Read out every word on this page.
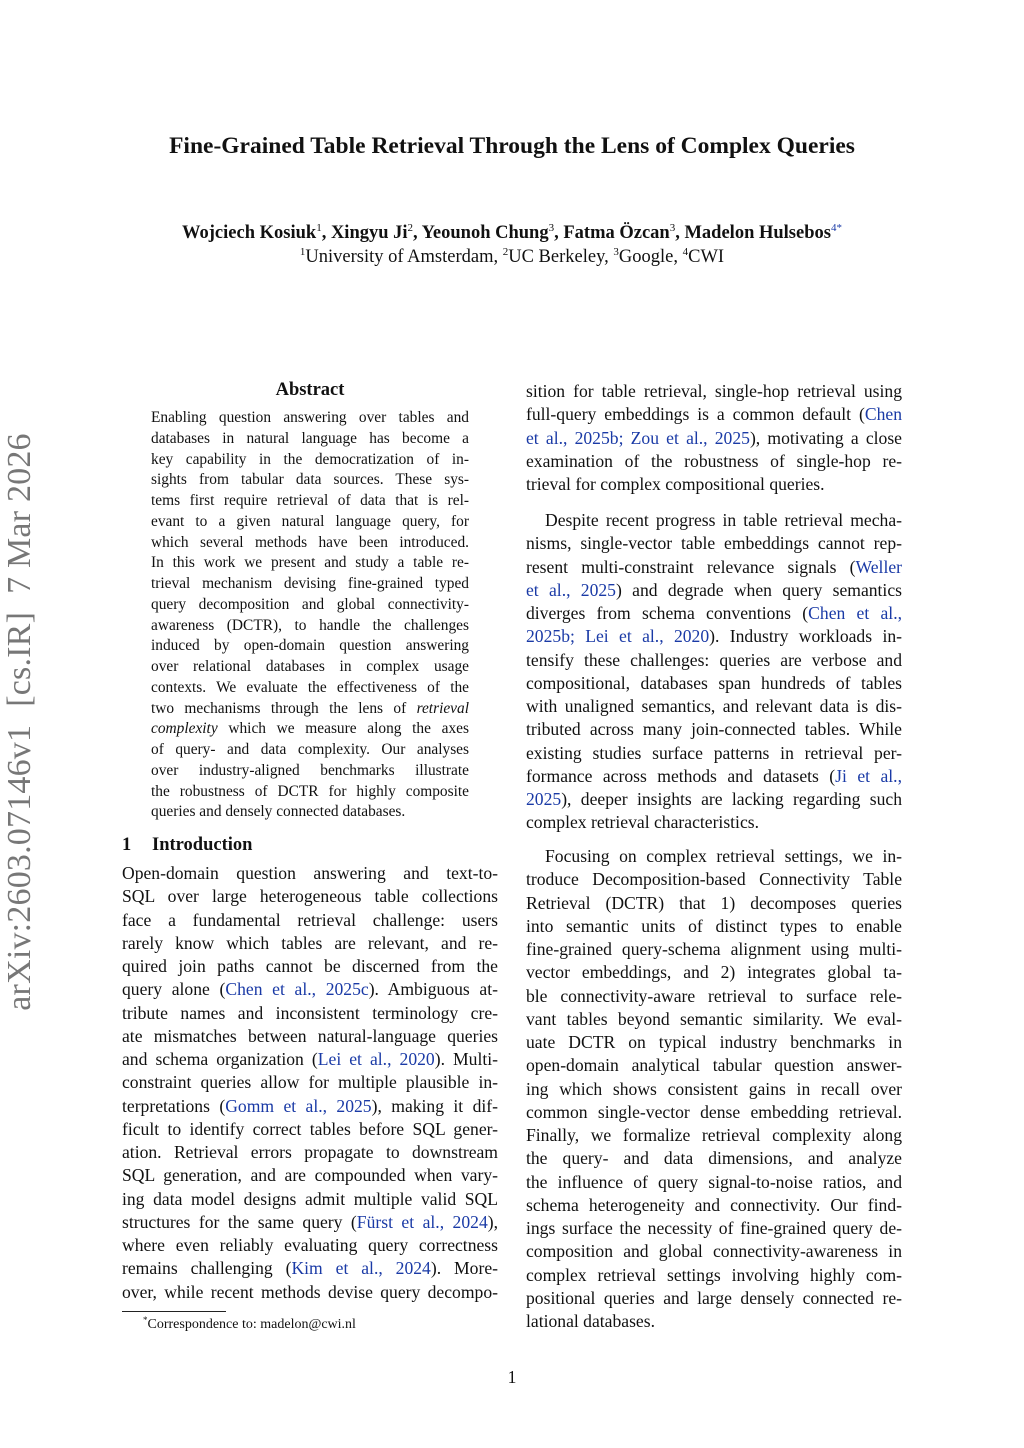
Fine-Grained Table Retrieval Through the Lens of Complex Queries
Wojciech Kosiuk$^1$, Xingyu Ji$^2$, Yeounoh Chung$^3$, Fatma Özcan$^3$, Madelon Hulsebos$^{4*}$
$^1$University of Amsterdam, $^2$UC Berkeley, $^3$Google, $^4$CWI
arXiv:2603.07146v1[cs.IR]7 Mar 2026
Abstract
Enabling question answering over tables and
databases in natural language has become a
key capability in the democratization of in-
sights from tabular data sources. These sys-
tems first require retrieval of data that is rel-
evant to a given natural language query, for
which several methods have been introduced.
In this work we present and study a table re-
trieval mechanism devising fine-grained typed
query decomposition and global connectivity-
awareness (DCTR), to handle the challenges
induced by open-domain question answering
over relational databases in complex usage
contexts. We evaluate the effectiveness of the
two mechanisms through the lens of retrieval
complexity which we measure along the axes
of query- and data complexity. Our analyses
over industry-aligned benchmarks illustrate
the robustness of DCTR for highly composite
queries and densely connected databases.
1 Introduction
Open-domain question answering and text-to-
SQL over large heterogeneous table collections
face a fundamental retrieval challenge: users
rarely know which tables are relevant, and re-
quired join paths cannot be discerned from the
query alone (Chen et al., 2025c). Ambiguous at-
tribute names and inconsistent terminology cre-
ate mismatches between natural-language queries
and schema organization (Lei et al., 2020). Multi-
constraint queries allow for multiple plausible in-
terpretations (Gomm et al., 2025), making it dif-
ficult to identify correct tables before SQL gener-
ation. Retrieval errors propagate to downstream
SQL generation, and are compounded when vary-
ing data model designs admit multiple valid SQL
structures for the same query (Fürst et al., 2024),
where even reliably evaluating query correctness
remains challenging (Kim et al., 2024). More-
over, while recent methods devise query decompo-
sition for table retrieval, single-hop retrieval using
full-query embeddings is a common default (Chen
et al., 2025b; Zou et al., 2025), motivating a close
examination of the robustness of single-hop re-
trieval for complex compositional queries.
Despite recent progress in table retrieval mecha-
nisms, single-vector table embeddings cannot rep-
resent multi-constraint relevance signals (Weller
et al., 2025) and degrade when query semantics
diverges from schema conventions (Chen et al.,
2025b; Lei et al., 2020). Industry workloads in-
tensify these challenges: queries are verbose and
compositional, databases span hundreds of tables
with unaligned semantics, and relevant data is dis-
tributed across many join-connected tables. While
existing studies surface patterns in retrieval per-
formance across methods and datasets (Ji et al.,
2025), deeper insights are lacking regarding such
complex retrieval characteristics.
Focusing on complex retrieval settings, we in-
troduce Decomposition-based Connectivity Table
Retrieval (DCTR) that 1) decomposes queries
into semantic units of distinct types to enable
fine-grained query-schema alignment using multi-
vector embeddings, and 2) integrates global ta-
ble connectivity-aware retrieval to surface rele-
vant tables beyond semantic similarity. We eval-
uate DCTR on typical industry benchmarks in
open-domain analytical tabular question answer-
ing which shows consistent gains in recall over
common single-vector dense embedding retrieval.
Finally, we formalize retrieval complexity along
the query- and data dimensions, and analyze
the influence of query signal-to-noise ratios, and
schema heterogeneity and connectivity. Our find-
ings surface the necessity of fine-grained query de-
composition and global connectivity-awareness in
complex retrieval settings involving highly com-
positional queries and large densely connected re-
lational databases.

*Correspondence to: madelon@cwi.nl

1
